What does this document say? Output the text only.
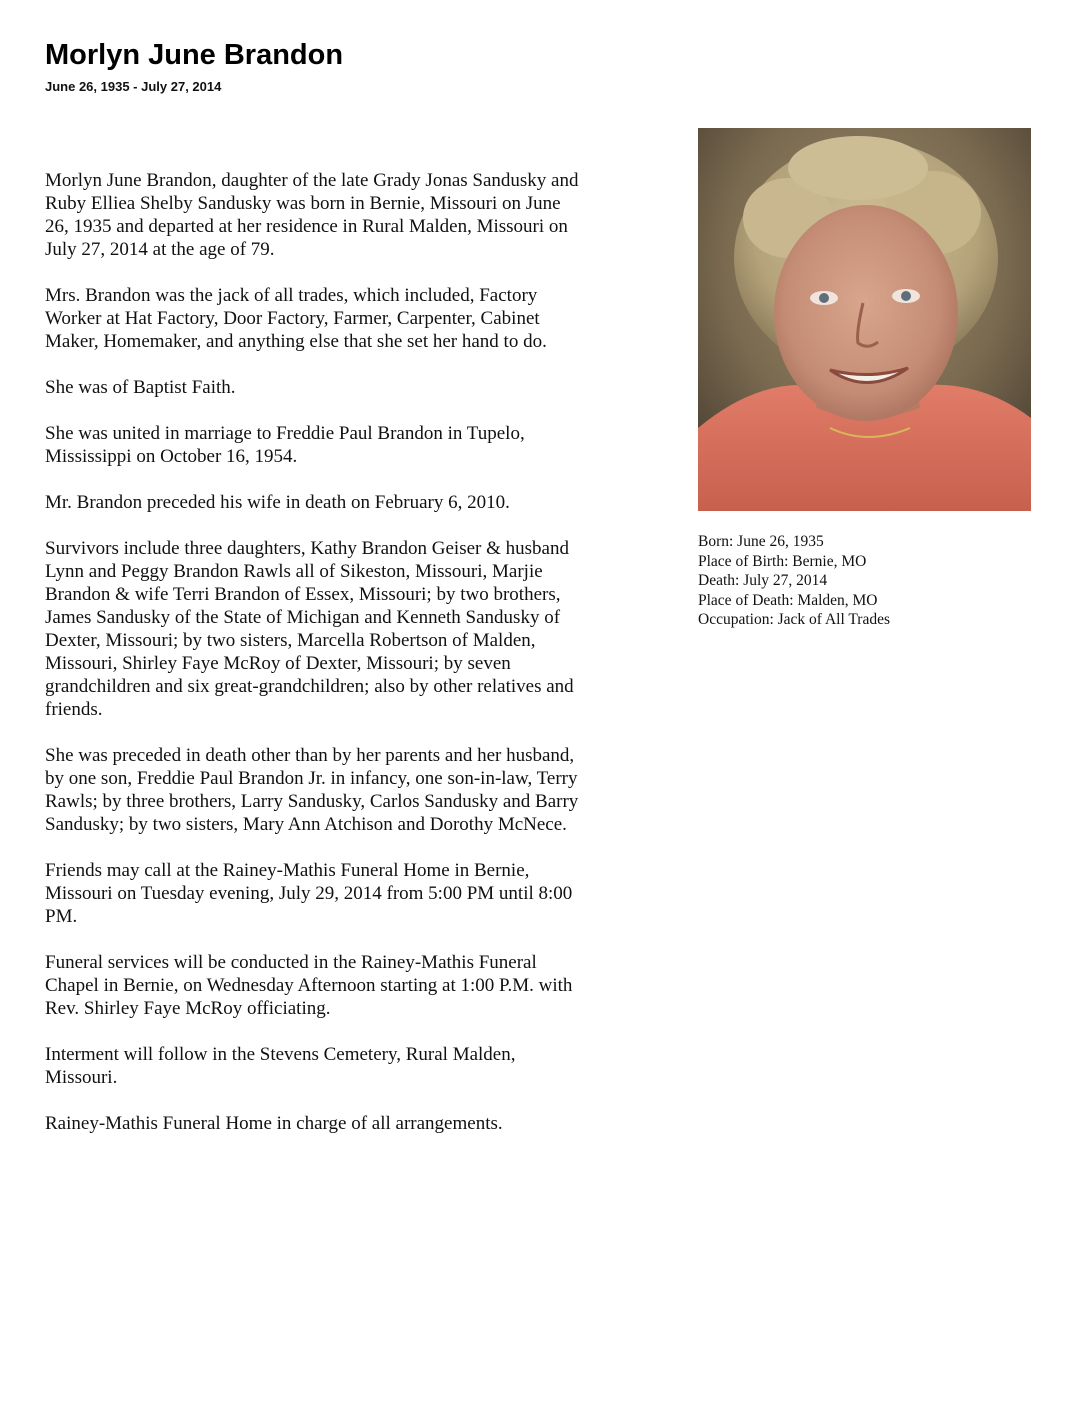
Morlyn June Brandon
June 26, 1935 - July 27, 2014

Morlyn June Brandon, daughter of the late Grady Jonas Sandusky and
Ruby Elliea Shelby Sandusky was born in Bernie, Missouri on June
26, 1935 and departed at her residence in Rural Malden, Missouri on
July 27, 2014 at the age of 79.

Mrs. Brandon was the jack of all trades, which included, Factory
Worker at Hat Factory, Door Factory, Farmer, Carpenter, Cabinet
Maker, Homemaker, and anything else that she set her hand to do.

She was of Baptist Faith.

She was united in marriage to Freddie Paul Brandon in Tupelo,
Mississippi on October 16, 1954.

Mr. Brandon preceded his wife in death on February 6, 2010.

Survivors include three daughters, Kathy Brandon Geiser & husband
Lynn and Peggy Brandon Rawls all of Sikeston, Missouri, Marjie
Brandon & wife Terri Brandon of Essex, Missouri; by two brothers,
James Sandusky of the State of Michigan and Kenneth Sandusky of
Dexter, Missouri; by two sisters, Marcella Robertson of Malden,
Missouri, Shirley Faye McRoy of Dexter, Missouri; by seven
grandchildren and six great-grandchildren; also by other relatives and
friends.

She was preceded in death other than by her parents and her husband,
by one son, Freddie Paul Brandon Jr. in infancy, one son-in-law, Terry
Rawls; by three brothers, Larry Sandusky, Carlos Sandusky and Barry
Sandusky; by two sisters, Mary Ann Atchison and Dorothy McNece.

Friends may call at the Rainey-Mathis Funeral Home in Bernie,
Missouri on Tuesday evening, July 29, 2014 from 5:00 PM until 8:00
PM.

Funeral services will be conducted in the Rainey-Mathis Funeral
Chapel in Bernie, on Wednesday Afternoon starting at 1:00 P.M. with
Rev. Shirley Faye McRoy officiating.

Interment will follow in the Stevens Cemetery, Rural Malden,
Missouri.

Rainey-Mathis Funeral Home in charge of all arrangements.

Born: June 26, 1935
Place of Birth: Bernie, MO
Death: July 27, 2014
Place of Death: Malden, MO
Occupation: Jack of All Trades
